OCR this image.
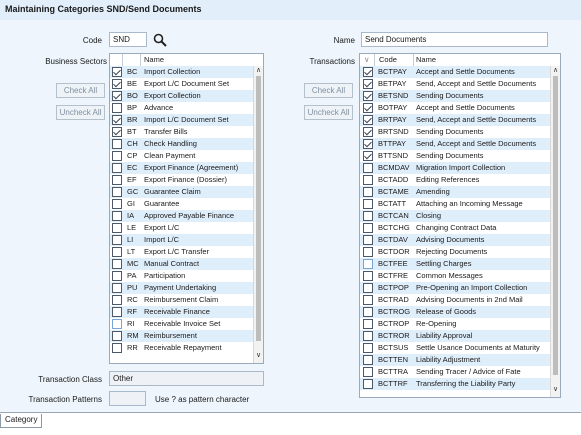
Maintaining Categories SND/Send Documents
Code	SND	Name	Send Documents
Business Sectors
Check All
Uncheck All
Name
BC Import Collection
BE Export L/C Document Set
BO Export Collection
BP Advance
BR Import L/C Document Set
BT Transfer Bills
CH Check Handling
CP Clean Payment
EC Export Finance (Agreement)
EF Export Finance (Dossier)
GC Guarantee Claim
GI Guarantee
IA Approved Payable Finance
LE Export L/C
LI Import L/C
LT Export L/C Transfer
MC Manual Contract
PA Participation
PU Payment Undertaking
RC Reimbursement Claim
RF Receivable Finance
RI Receivable Invoice Set
RM Reimbursement
RR Receivable Repayment
∧
∨
Transactions
Check All
Uncheck All
∨ Code	Name
BCTPAY Accept and Settle Documents
BETPAY Send, Accept and Settle Documents
BETSND Sending Documents
BOTPAY Accept and Settle Documents
BRTPAY Send, Accept and Settle Documents
BRTSND Sending Documents
BTTPAY Send, Accept and Settle Documents
BTTSND Sending Documents
BCMDAV Migration Import Collection
BCTADD Editing References
BCTAME Amending
BCTATT Attaching an Incoming Message
BCTCAN Closing
BCTCHG Changing Contract Data
BCTDAV Advising Documents
BCTDOR Rejecting Documents
BCTFEE Settling Charges
BCTFRE Common Messages
BCTPOP Pre-Opening an Import Collection
BCTRAD Advising Documents in 2nd Mail
BCTROG Release of Goods
BCTROP Re-Opening
BCTROR Liability Approval
BCTSUS Settle Usance Documents at Maturity
BCTTEN Liability Adjustment
BCTTRA Sending Tracer / Advice of Fate
BCTTRF Transferring the Liability Party
∧
∨
Transaction Class	Other
Transaction Patterns	Use ? as pattern character
Category
